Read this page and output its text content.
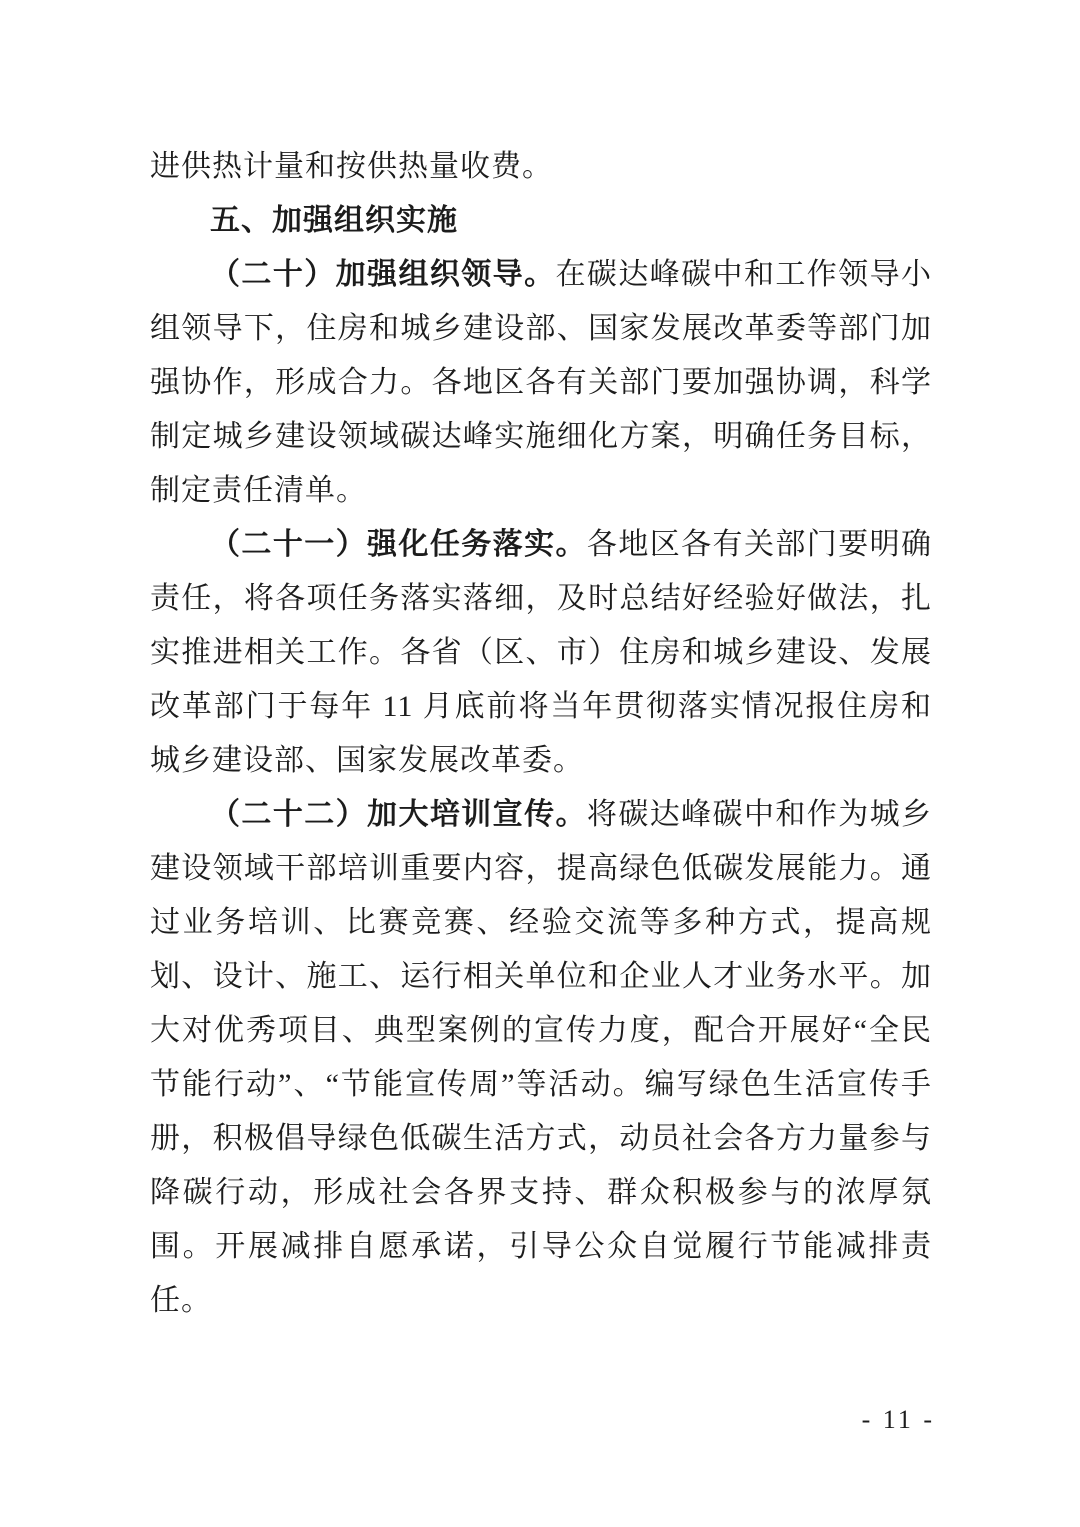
进供热计量和按供热量收费。

五、加强组织实施

（二十）加强组织领导。在碳达峰碳中和工作领导小组领导下，住房和城乡建设部、国家发展改革委等部门加强协作，形成合力。各地区各有关部门要加强协调，科学制定城乡建设领域碳达峰实施细化方案，明确任务目标，制定责任清单。

（二十一）强化任务落实。各地区各有关部门要明确责任，将各项任务落实落细，及时总结好经验好做法，扎实推进相关工作。各省（区、市）住房和城乡建设、发展改革部门于每年 11 月底前将当年贯彻落实情况报住房和城乡建设部、国家发展改革委。

（二十二）加大培训宣传。将碳达峰碳中和作为城乡建设领域干部培训重要内容，提高绿色低碳发展能力。通过业务培训、比赛竞赛、经验交流等多种方式，提高规划、设计、施工、运行相关单位和企业人才业务水平。加大对优秀项目、典型案例的宣传力度，配合开展好“全民节能行动”、“节能宣传周”等活动。编写绿色生活宣传手册，积极倡导绿色低碳生活方式，动员社会各方力量参与降碳行动，形成社会各界支持、群众积极参与的浓厚氛围。开展减排自愿承诺，引导公众自觉履行节能减排责任。

- 11 -
